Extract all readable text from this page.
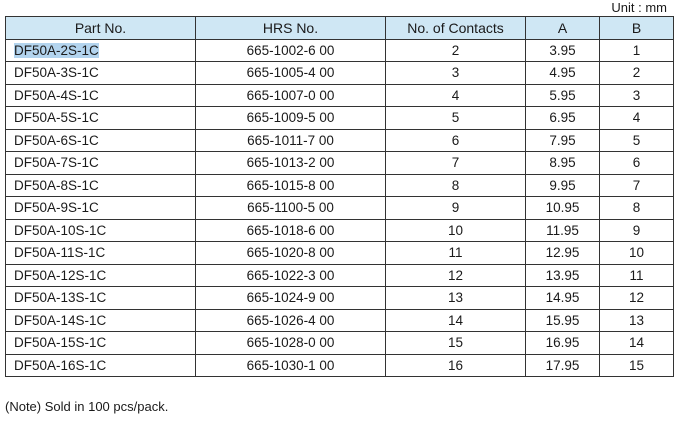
Unit : mm
Part No.	HRS No.	No. of Contacts	A	B
DF50A-2S-1C	665-1002-6 00	2	3.95	1
DF50A-3S-1C	665-1005-4 00	3	4.95	2
DF50A-4S-1C	665-1007-0 00	4	5.95	3
DF50A-5S-1C	665-1009-5 00	5	6.95	4
DF50A-6S-1C	665-1011-7 00	6	7.95	5
DF50A-7S-1C	665-1013-2 00	7	8.95	6
DF50A-8S-1C	665-1015-8 00	8	9.95	7
DF50A-9S-1C	665-1100-5 00	9	10.95	8
DF50A-10S-1C	665-1018-6 00	10	11.95	9
DF50A-11S-1C	665-1020-8 00	11	12.95	10
DF50A-12S-1C	665-1022-3 00	12	13.95	11
DF50A-13S-1C	665-1024-9 00	13	14.95	12
DF50A-14S-1C	665-1026-4 00	14	15.95	13
DF50A-15S-1C	665-1028-0 00	15	16.95	14
DF50A-16S-1C	665-1030-1 00	16	17.95	15
(Note) Sold in 100 pcs/pack.
